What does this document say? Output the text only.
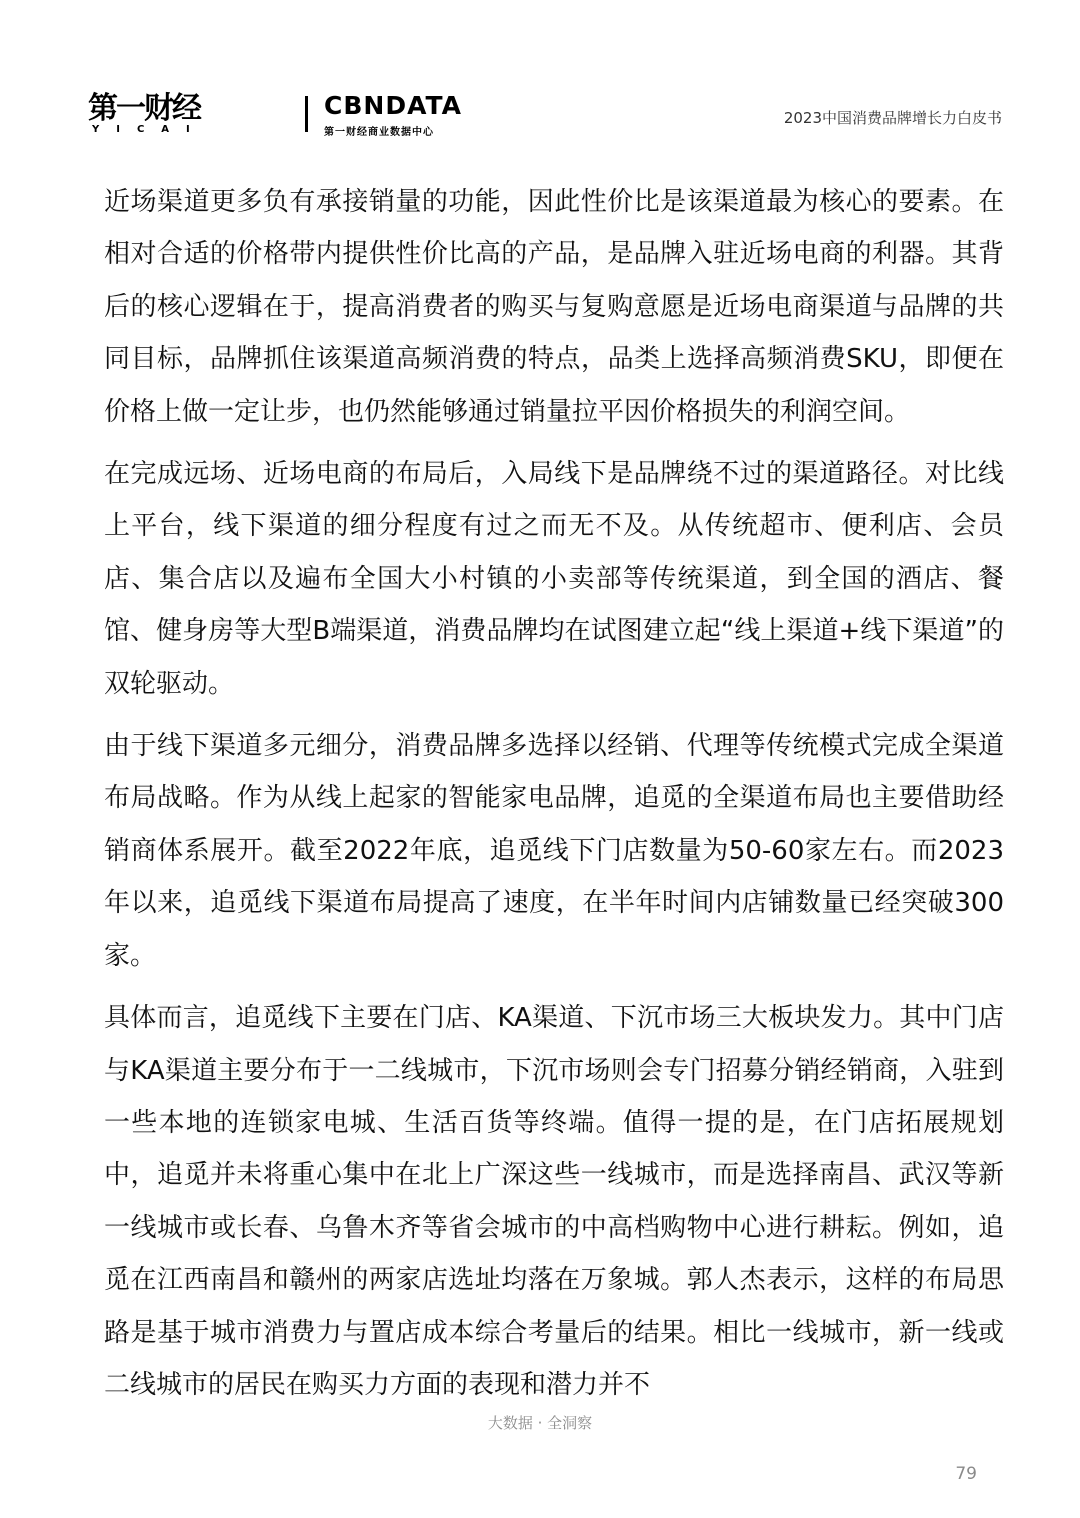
第一财经
YICAI
CBNDATA
第一财经商业数据中心
2023中国消费品牌增长力白皮书

近场渠道更多负有承接销量的功能，因此性价比是该渠道最为核心的要素。在相对合适的价格带内提供性价比高的产品，是品牌入驻近场电商的利器。其背后的核心逻辑在于，提高消费者的购买与复购意愿是近场电商渠道与品牌的共同目标，品牌抓住该渠道高频消费的特点，品类上选择高频消费SKU，即便在价格上做一定让步，也仍然能够通过销量拉平因价格损失的利润空间。

在完成远场、近场电商的布局后，入局线下是品牌绕不过的渠道路径。对比线上平台，线下渠道的细分程度有过之而无不及。从传统超市、便利店、会员店、集合店以及遍布全国大小村镇的小卖部等传统渠道，到全国的酒店、餐馆、健身房等大型B端渠道，消费品牌均在试图建立起“线上渠道+线下渠道”的双轮驱动。

由于线下渠道多元细分，消费品牌多选择以经销、代理等传统模式完成全渠道布局战略。作为从线上起家的智能家电品牌，追觅的全渠道布局也主要借助经销商体系展开。截至2022年底，追觅线下门店数量为50-60家左右。而2023年以来，追觅线下渠道布局提高了速度，在半年时间内店铺数量已经突破300家。

具体而言，追觅线下主要在门店、KA渠道、下沉市场三大板块发力。其中门店与KA渠道主要分布于一二线城市，下沉市场则会专门招募分销经销商，入驻到一些本地的连锁家电城、生活百货等终端。值得一提的是，在门店拓展规划中，追觅并未将重心集中在北上广深这些一线城市，而是选择南昌、武汉等新一线城市或长春、乌鲁木齐等省会城市的中高档购物中心进行耕耘。例如，追觅在江西南昌和赣州的两家店选址均落在万象城。郭人杰表示，这样的布局思路是基于城市消费力与置店成本综合考量后的结果。相比一线城市，新一线或二线城市的居民在购买力方面的表现和潜力并不

大数据 · 全洞察
79
